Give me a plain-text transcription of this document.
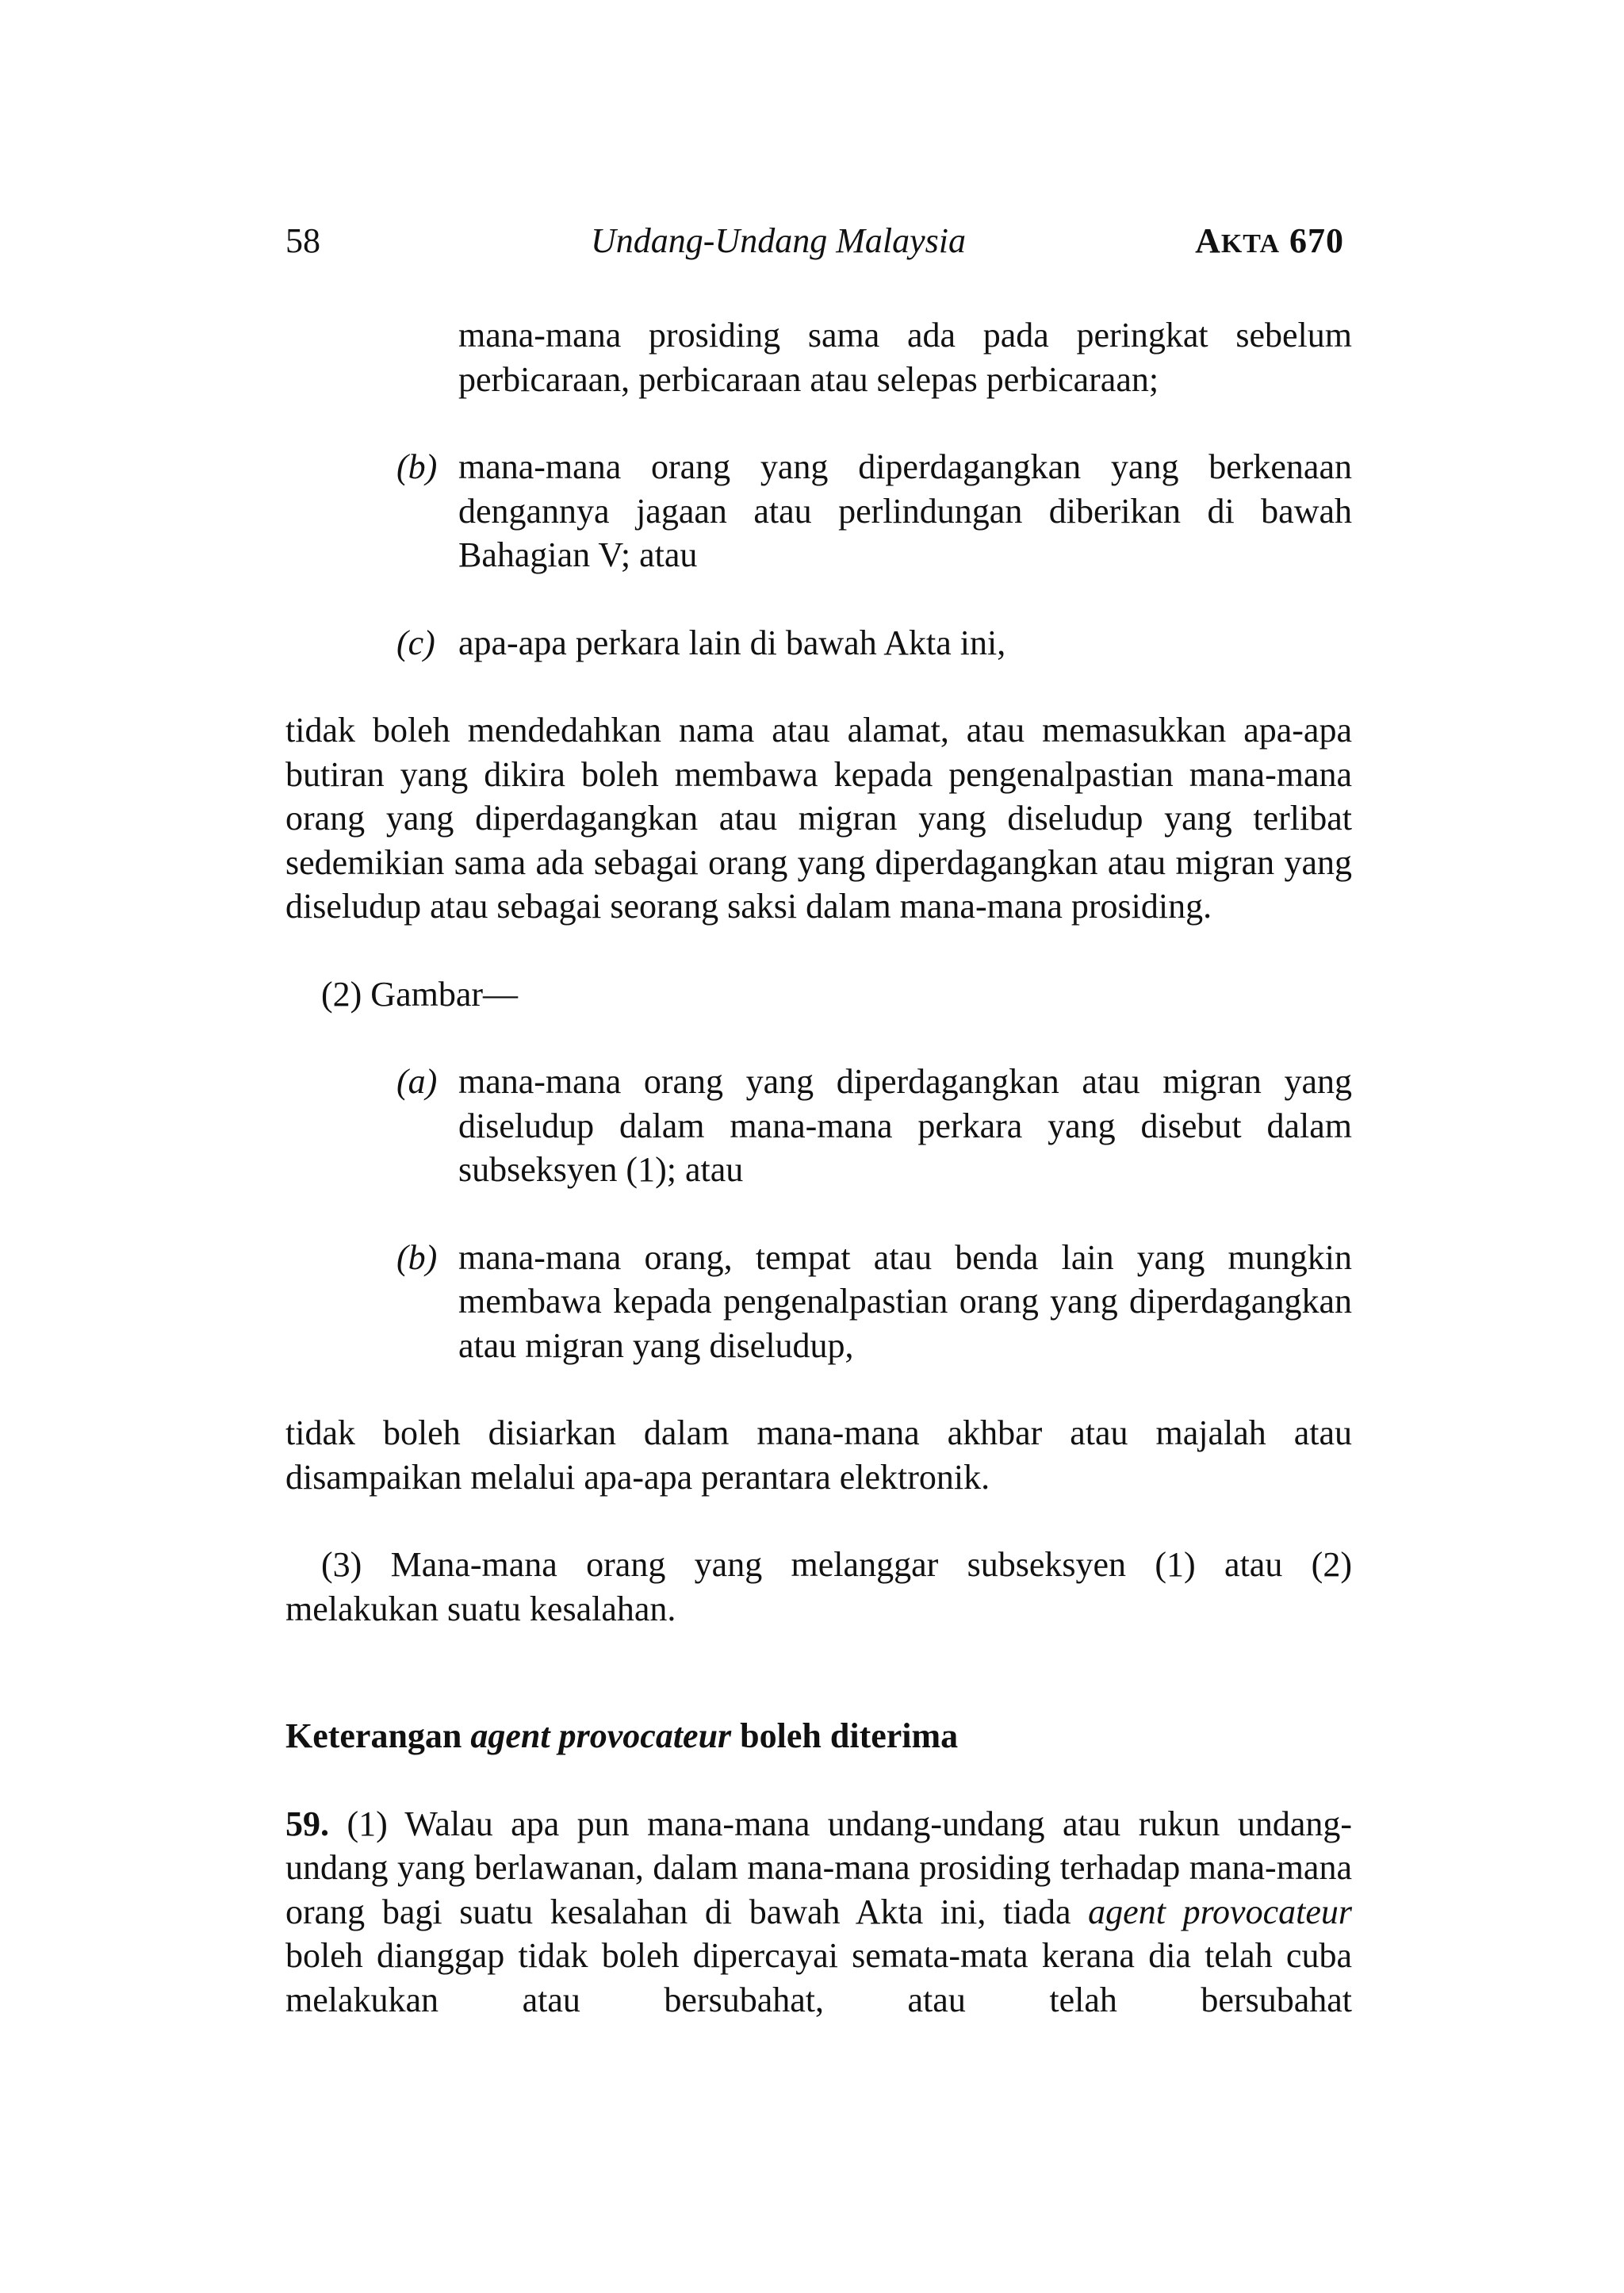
58	Undang-Undang Malaysia	AKTA 670

mana-mana prosiding sama ada pada peringkat sebelum perbicaraan, perbicaraan atau selepas perbicaraan;

(b) mana-mana orang yang diperdagangkan yang berkenaan dengannya jagaan atau perlindungan diberikan di bawah Bahagian V; atau

(c) apa-apa perkara lain di bawah Akta ini,

tidak boleh mendedahkan nama atau alamat, atau memasukkan apa-apa butiran yang dikira boleh membawa kepada pengenalpastian mana-mana orang yang diperdagangkan atau migran yang diseludup yang terlibat sedemikian sama ada sebagai orang yang diperdagangkan atau migran yang diseludup atau sebagai seorang saksi dalam mana-mana prosiding.

(2) Gambar—

(a) mana-mana orang yang diperdagangkan atau migran yang diseludup dalam mana-mana perkara yang disebut dalam subseksyen (1); atau

(b) mana-mana orang, tempat atau benda lain yang mungkin membawa kepada pengenalpastian orang yang diperdagangkan atau migran yang diseludup,

tidak boleh disiarkan dalam mana-mana akhbar atau majalah atau disampaikan melalui apa-apa perantara elektronik.

(3) Mana-mana orang yang melanggar subseksyen (1) atau (2) melakukan suatu kesalahan.

Keterangan agent provocateur boleh diterima

59. (1) Walau apa pun mana-mana undang-undang atau rukun undang-undang yang berlawanan, dalam mana-mana prosiding terhadap mana-mana orang bagi suatu kesalahan di bawah Akta ini, tiada agent provocateur boleh dianggap tidak boleh dipercayai semata-mata kerana dia telah cuba melakukan atau bersubahat, atau telah bersubahat
